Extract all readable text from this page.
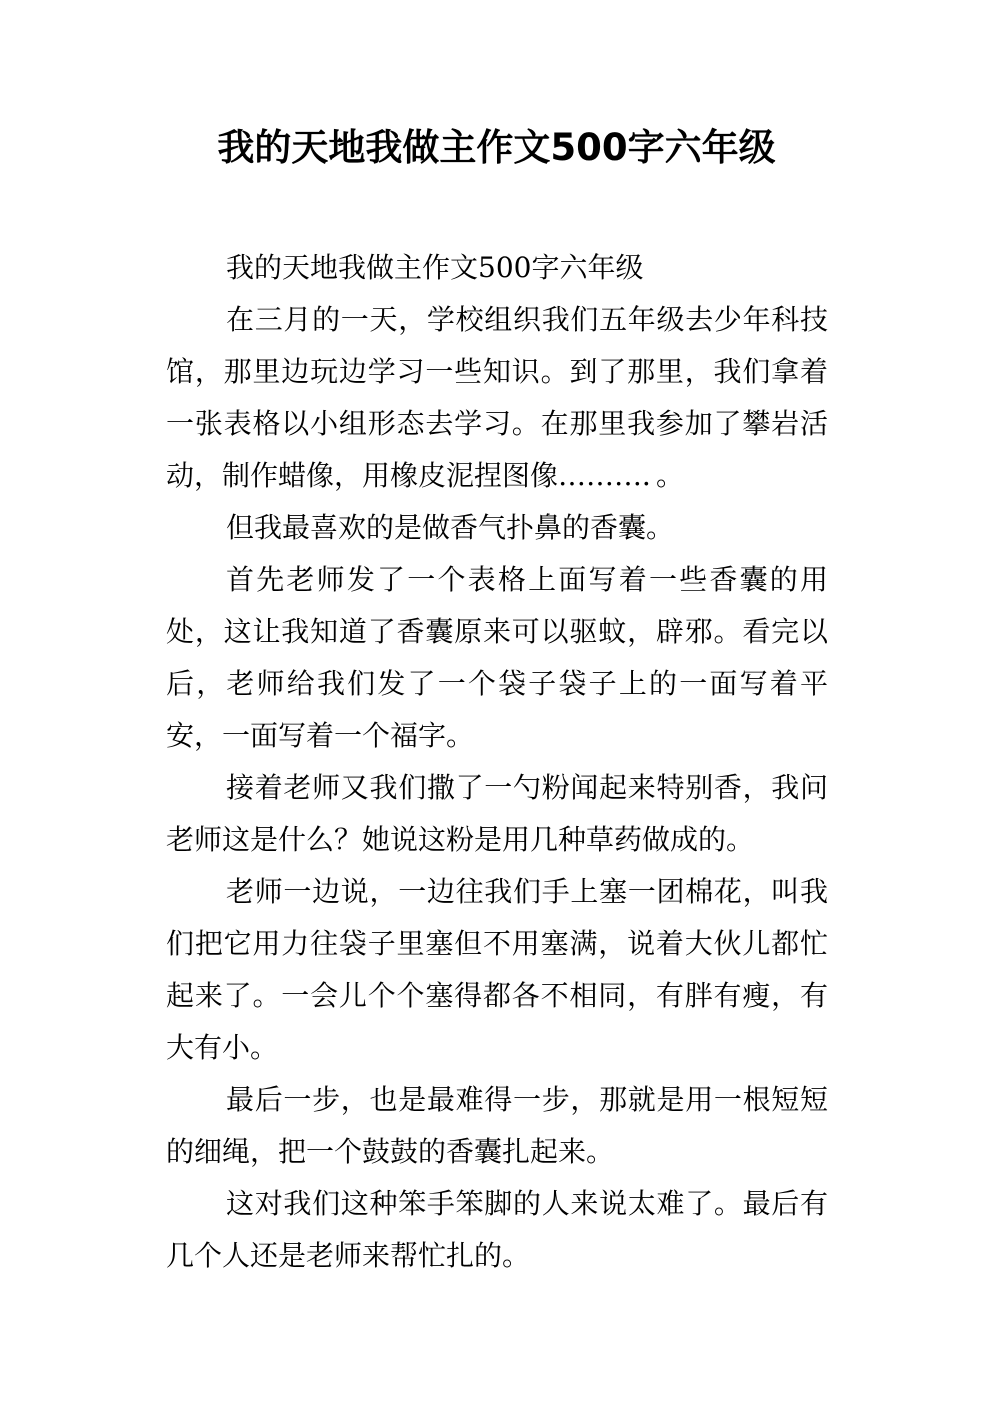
我的天地我做主作文500字六年级

我的天地我做主作文500字六年级

在三月的一天，学校组织我们五年级去少年科技馆，那里边玩边学习一些知识。到了那里，我们拿着一张表格以小组形态去学习。在那里我参加了攀岩活动，制作蜡像，用橡皮泥捏图像………．。

但我最喜欢的是做香气扑鼻的香囊。

首先老师发了一个表格上面写着一些香囊的用处，这让我知道了香囊原来可以驱蚊，辟邪。看完以后，老师给我们发了一个袋子袋子上的一面写着平安，一面写着一个福字。

接着老师又我们撒了一勺粉闻起来特别香，我问老师这是什么？她说这粉是用几种草药做成的。

老师一边说，一边往我们手上塞一团棉花，叫我们把它用力往袋子里塞但不用塞满，说着大伙儿都忙起来了。一会儿个个塞得都各不相同，有胖有瘦，有大有小。

最后一步，也是最难得一步，那就是用一根短短的细绳，把一个鼓鼓的香囊扎起来。

这对我们这种笨手笨脚的人来说太难了。最后有几个人还是老师来帮忙扎的。
